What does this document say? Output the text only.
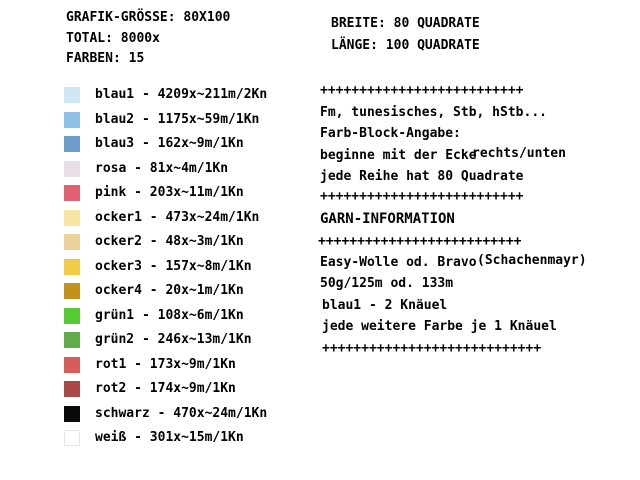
GRAFIK-GRÖSSE: 80X100
TOTAL: 8000x
FARBEN: 15
BREITE: 80 QUADRATE
LÄNGE: 100 QUADRATE
blau1 - 4209x~211m/2Kn
blau2 - 1175x~59m/1Kn
blau3 - 162x~9m/1Kn
rosa - 81x~4m/1Kn
pink - 203x~11m/1Kn
ocker1 - 473x~24m/1Kn
ocker2 - 48x~3m/1Kn
ocker3 - 157x~8m/1Kn
ocker4 - 20x~1m/1Kn
grün1 - 108x~6m/1Kn
grün2 - 246x~13m/1Kn
rot1 - 173x~9m/1Kn
rot2 - 174x~9m/1Kn
schwarz - 470x~24m/1Kn
weiß - 301x~15m/1Kn
++++++++++++++++++++++++++
Fm, tunesisches, Stb, hStb...
Farb-Block-Angabe:
beginne mit der Ecke
rechts/unten
jede Reihe hat 80 Quadrate
++++++++++++++++++++++++++
GARN-INFORMATION
++++++++++++++++++++++++++
Easy-Wolle od. Bravo (Schachenmayr)
50g/125m od. 133m
blau1 - 2 Knäuel
jede weitere Farbe je 1 Knäuel
++++++++++++++++++++++++++++
